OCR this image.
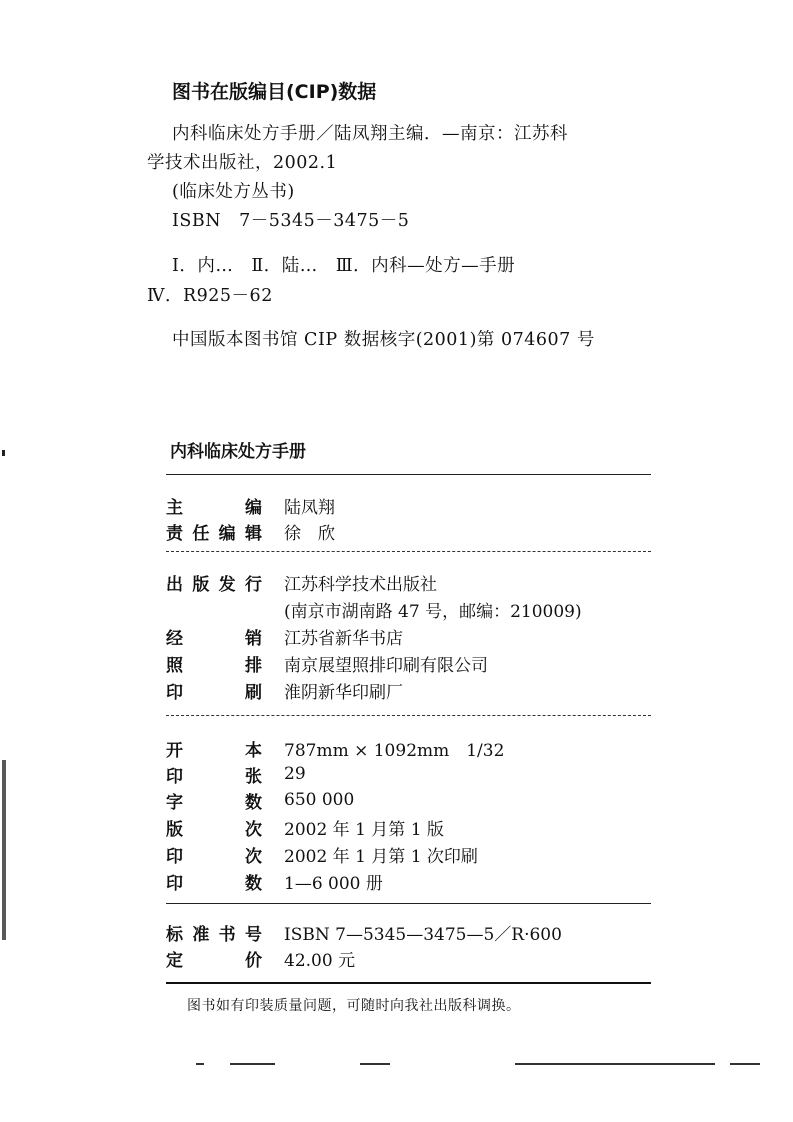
图书在版编目(CIP)数据
内科临床处方手册／陆凤翔主编．—南京：江苏科
学技术出版社，2002.1
(临床处方丛书)
ISBN　7－5345－3475－5
Ⅰ．内…　Ⅱ．陆…　Ⅲ．内科—处方—手册
Ⅳ．R925－62
中国版本图书馆 CIP 数据核字(2001)第 074607 号
内科临床处方手册
主	编 陆凤翔
责 任 编 辑 徐　欣
出 版 发 行 江苏科学技术出版社
(南京市湖南路 47 号，邮编：210009)
经	销 江苏省新华书店
照	排 南京展望照排印刷有限公司
印	刷 淮阴新华印刷厂
开	本 787mm × 1092mm　1/32
印	张 29
字	数 650 000
版	次 2002 年 1 月第 1 版
印	次 2002 年 1 月第 1 次印刷
印	数 1—6 000 册
标 准 书 号 ISBN 7—5345—3475—5／R·600
定	价 42.00 元
图书如有印装质量问题，可随时向我社出版科调换。
